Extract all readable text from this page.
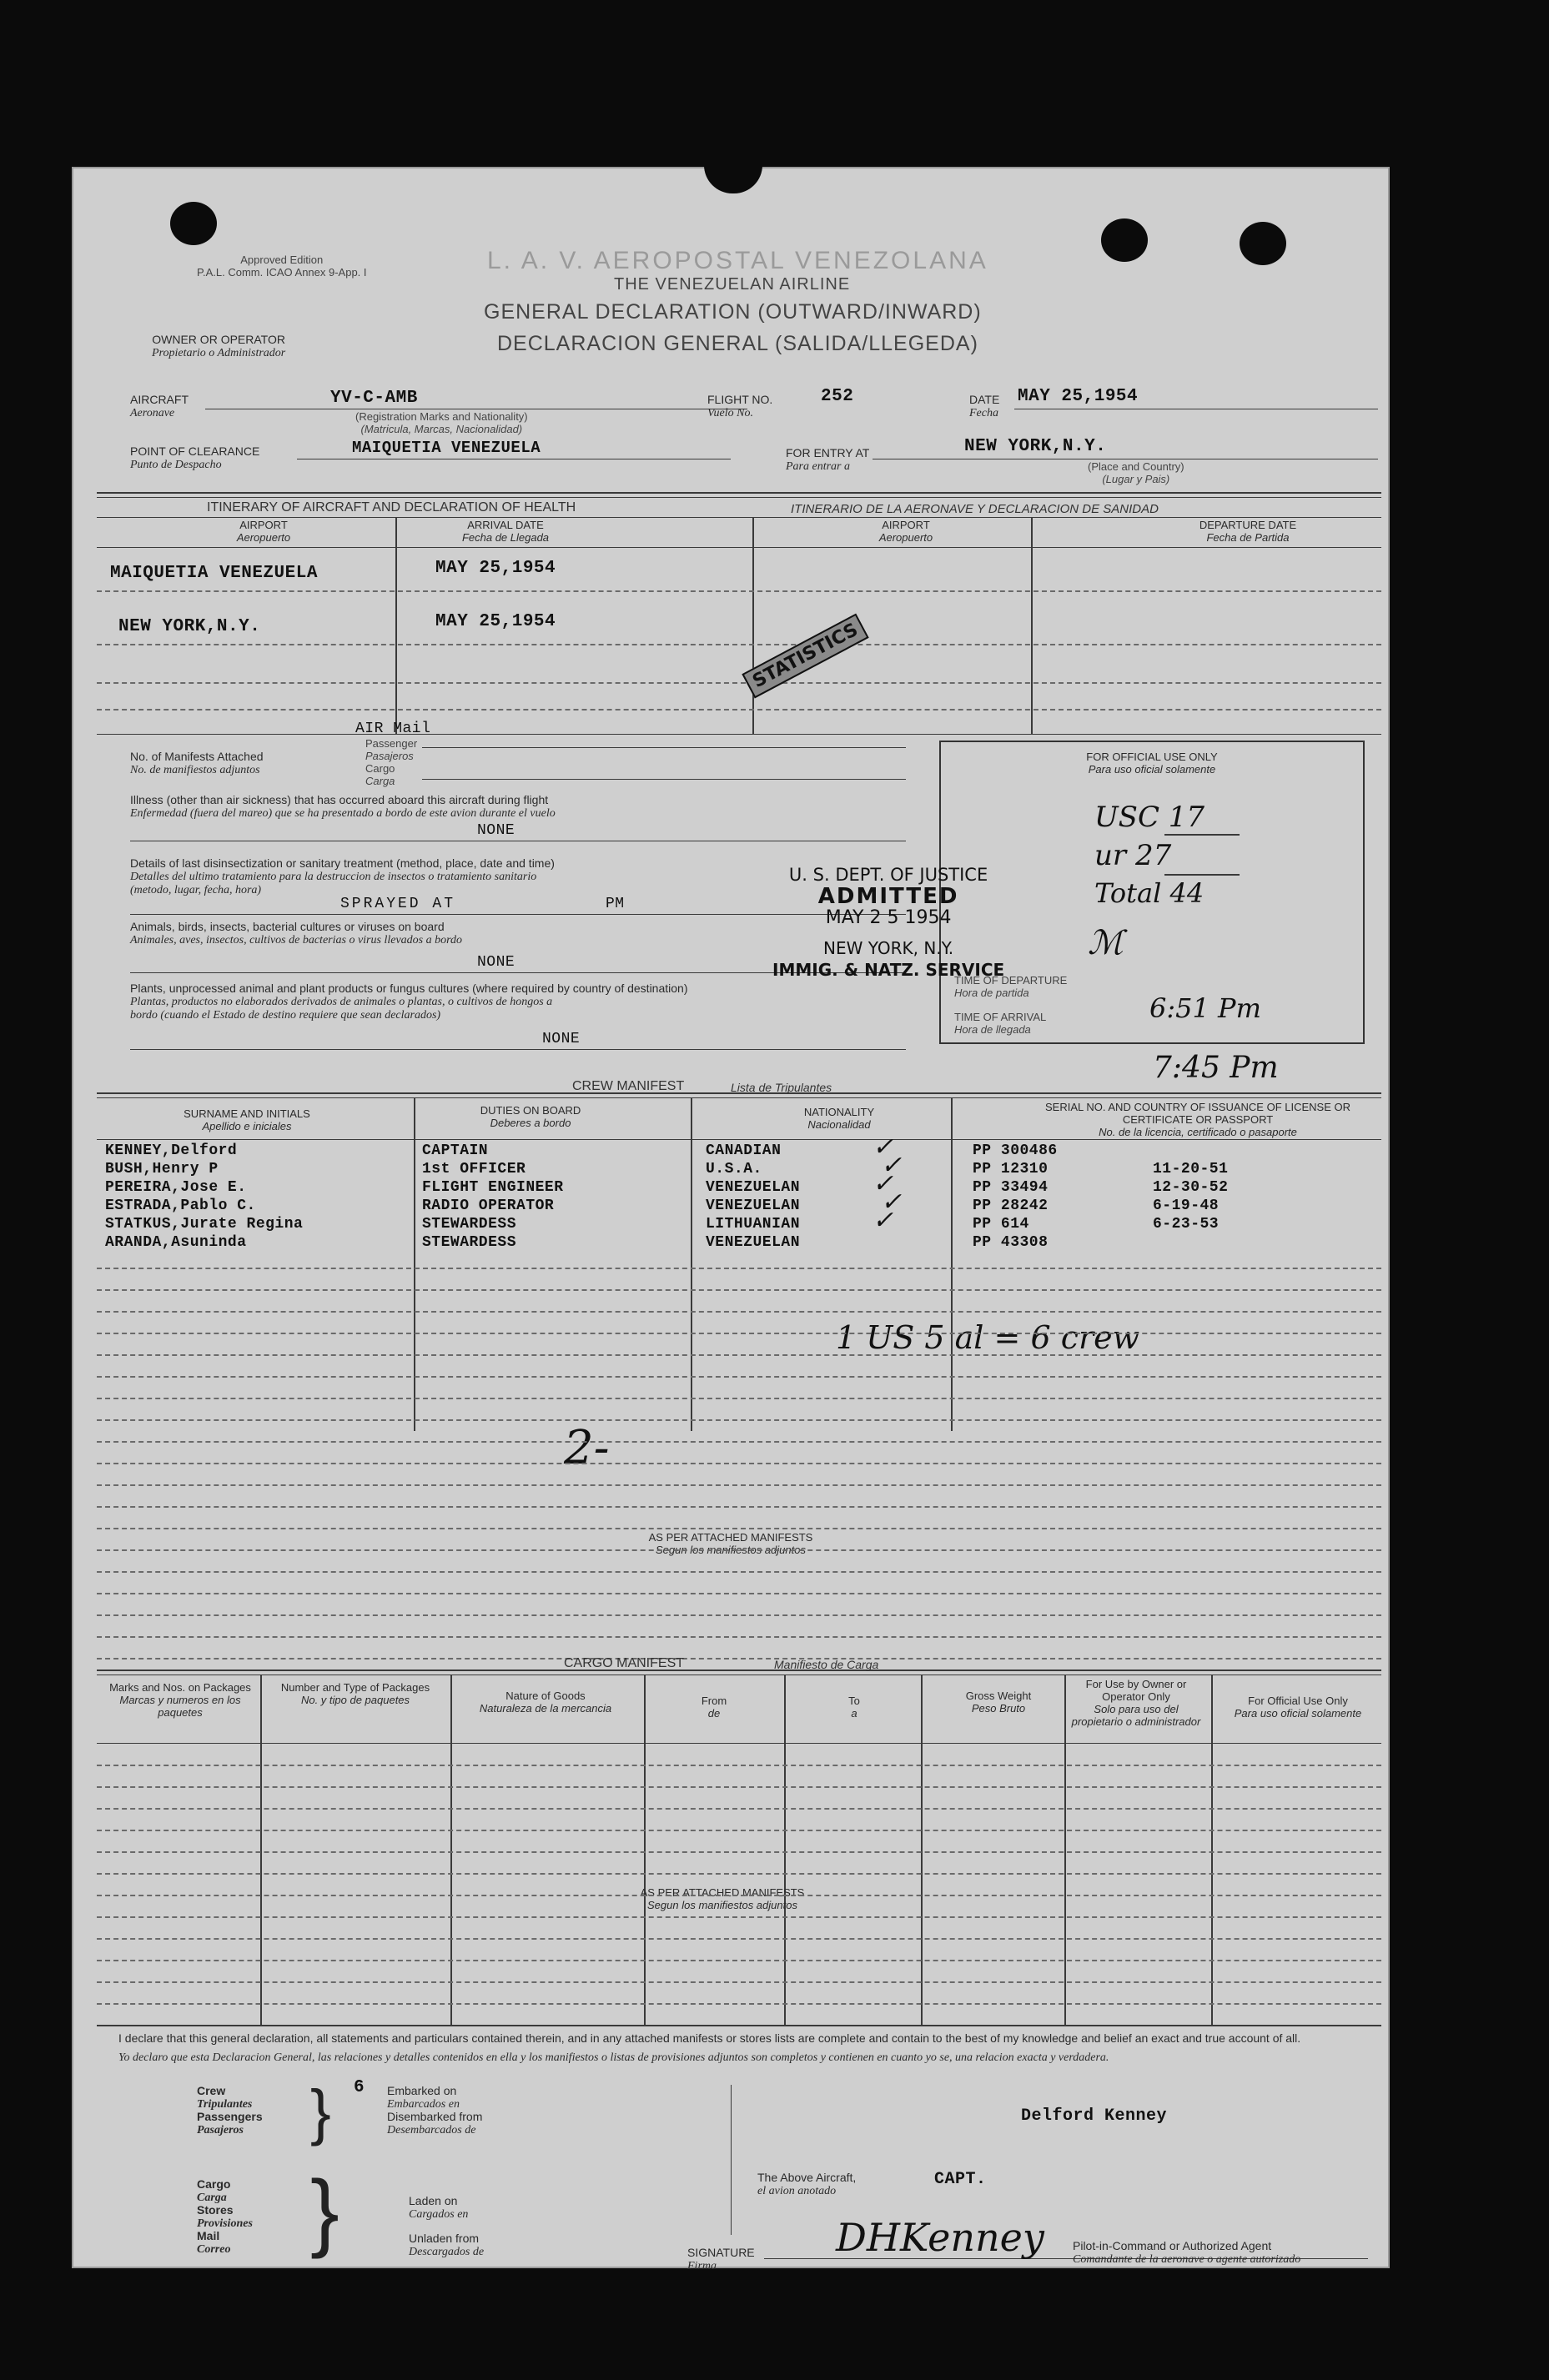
Approved Edition
P.A.L. Comm. ICAO Annex 9-App. I	L. A. V. AEROPOSTAL VENEZOLANA
THE VENEZUELAN AIRLINE
GENERAL DECLARATION (OUTWARD/INWARD)
DECLARACION GENERAL (SALIDA/LLEGEDA)
OWNER OR OPERATOR
Propietario o Administrador
AIRCRAFT
Aeronave
YV-C-AMB
(Registration Marks and Nationality)
(Matricula, Marcas, Nacionalidad)
FLIGHT NO.
Vuelo No.
252	DATE
Fecha
MAY 25,1954
POINT OF CLEARANCE
Punto de Despacho
MAIQUETIA VENEZUELA	FOR ENTRY AT
Para entrar a
NEW YORK,N.Y.
(Place and Country)
(Lugar y Pais)
ITINERARY OF AIRCRAFT AND DECLARATION OF HEALTH	ITINERARIO DE LA AERONAVE Y DECLARACION DE SANIDAD
AIRPORT
Aeropuerto
ARRIVAL DATE
Fecha de Llegada
AIRPORT
Aeropuerto
DEPARTURE DATE
Fecha de Partida
MAIQUETIA VENEZUELA	MAY 25,1954
NEW YORK,N.Y.	MAY 25,1954	STATISTICS
AIR Mail
No. of Manifests Attached
No. de manifiestos adjuntos
Passenger
Pasajeros
Cargo
Carga
Illness (other than air sickness) that has occurred aboard this aircraft during flight
Enfermedad (fuera del mareo) que se ha presentado a bordo de este avion durante el vuelo
NONE
Details of last disinsectization or sanitary treatment (method, place, date and time)
Detalles del ultimo tratamiento para la destruccion de insectos o tratamiento sanitario
(metodo, lugar, fecha, hora)
SPRAYED AT	PM
Animals, birds, insects, bacterial cultures or viruses on board
Animales, aves, insectos, cultivos de bacterias o virus llevados a bordo
NONE
Plants, unprocessed animal and plant products or fungus cultures (where required by country of destination)
Plantas, productos no elaborados derivados de animales o plantas, o cultivos de hongos a
bordo (cuando el Estado de destino requiere que sean declarados)
NONE
FOR OFFICIAL USE ONLY
Para uso oficial solamente
USC 17
ur 27
Total 44
ℳ
TIME OF DEPARTURE
Hora de partida
TIME OF ARRIVAL
Hora de llegada
6:51 Pm
7:45 Pm
U. S. DEPT. OF JUSTICE
ADMITTED
MAY 2 5 1954
NEW YORK, N.Y.
IMMIG. & NATZ. SERVICE
CREW MANIFEST	Lista de Tripulantes
SURNAME AND INITIALS
Apellido e iniciales
DUTIES ON BOARD
Deberes a bordo
NATIONALITY
Nacionalidad
SERIAL NO. AND COUNTRY OF ISSUANCE OF LICENSE OR CERTIFICATE OR PASSPORT
No. de la licencia, certificado o pasaporte
KENNEY,Delford	CAPTAIN	CANADIAN	PP 300486
✓
BUSH,Henry P	1st OFFICER	U.S.A.	PP 12310	11-20-51
✓
PEREIRA,Jose E.	FLIGHT ENGINEER	VENEZUELAN	PP 33494	12-30-52
✓
ESTRADA,Pablo C.	RADIO OPERATOR	VENEZUELAN	PP 28242	6-19-48
✓
STATKUS,Jurate Regina	STEWARDESS	LITHUANIAN	PP 614	6-23-53
✓
ARANDA,Asuninda	STEWARDESS	VENEZUELAN	PP 43308
1 US 5 al = 6 crew
2-
AS PER ATTACHED MANIFESTS
Segun los manifiestos adjuntos
CARGO MANIFEST	Manifiesto de Carga
Marks and Nos. on Packages
Marcas y numeros en los paquetes
Number and Type of Packages
No. y tipo de paquetes	Nature of Goods
Naturaleza de la mercancia
From
de
To
a
Gross Weight
Peso Bruto
For Use by Owner or Operator Only
Solo para uso del propietario o administrador
For Official Use Only
Para uso oficial solamente
AS PER ATTACHED MANIFESTS
Segun los manifiestos adjuntos
I declare that this general declaration, all statements and particulars contained therein, and in any attached manifests or stores lists are complete and contain to the best of my knowledge and belief an exact and true account of all.
Yo declaro que esta Declaracion General, las relaciones y detalles contenidos en ella y los manifiestos o listas de provisiones adjuntos son completos y contienen en cuanto yo se, una relacion exacta y verdadera.
Crew
Tripulantes
Passengers
Pasajeros	} 6 Embarked on
Embarcados en
Disembarked from
Desembarcados de
Cargo
Carga
Stores
Provisiones
Mail
Correo }	Laden on
Cargados en
Unladen from
Descargados de
The Above Aircraft,
el avion anotado
Delford Kenney
CAPT.
SIGNATURE
Firma
DHKenney Pilot-in-Command or Authorized Agent
Comandante de la aeronave o agente autorizado
